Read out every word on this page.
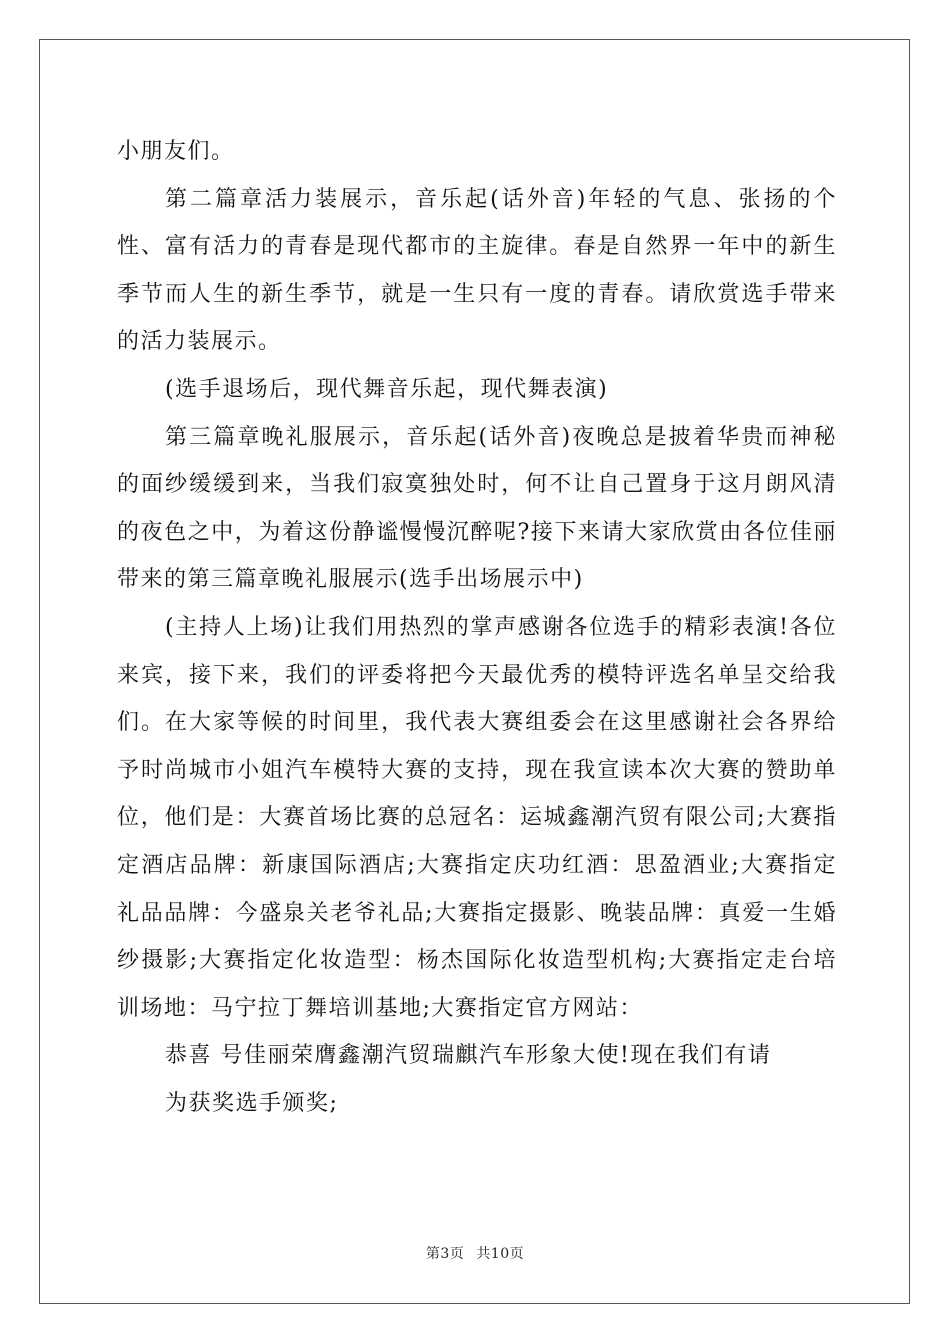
小朋友们。

第二篇章活力装展示，音乐起(话外音)年轻的气息、张扬的个性、富有活力的青春是现代都市的主旋律。春是自然界一年中的新生季节而人生的新生季节，就是一生只有一度的青春。请欣赏选手带来的活力装展示。

(选手退场后，现代舞音乐起，现代舞表演)

第三篇章晚礼服展示，音乐起(话外音)夜晚总是披着华贵而神秘的面纱缓缓到来，当我们寂寞独处时，何不让自己置身于这月朗风清的夜色之中，为着这份静谧慢慢沉醉呢?接下来请大家欣赏由各位佳丽带来的第三篇章晚礼服展示(选手出场展示中)

(主持人上场)让我们用热烈的掌声感谢各位选手的精彩表演!各位来宾，接下来，我们的评委将把今天最优秀的模特评选名单呈交给我们。在大家等候的时间里，我代表大赛组委会在这里感谢社会各界给予时尚城市小姐汽车模特大赛的支持，现在我宣读本次大赛的赞助单位，他们是：大赛首场比赛的总冠名：运城鑫潮汽贸有限公司;大赛指定酒店品牌：新康国际酒店;大赛指定庆功红酒：思盈酒业;大赛指定礼品品牌：今盛泉关老爷礼品;大赛指定摄影、晚装品牌：真爱一生婚纱摄影;大赛指定化妆造型：杨杰国际化妆造型机构;大赛指定走台培训场地：马宁拉丁舞培训基地;大赛指定官方网站：

恭喜 号佳丽荣膺鑫潮汽贸瑞麒汽车形象大使!现在我们有请

为获奖选手颁奖;

第3页 共10页
